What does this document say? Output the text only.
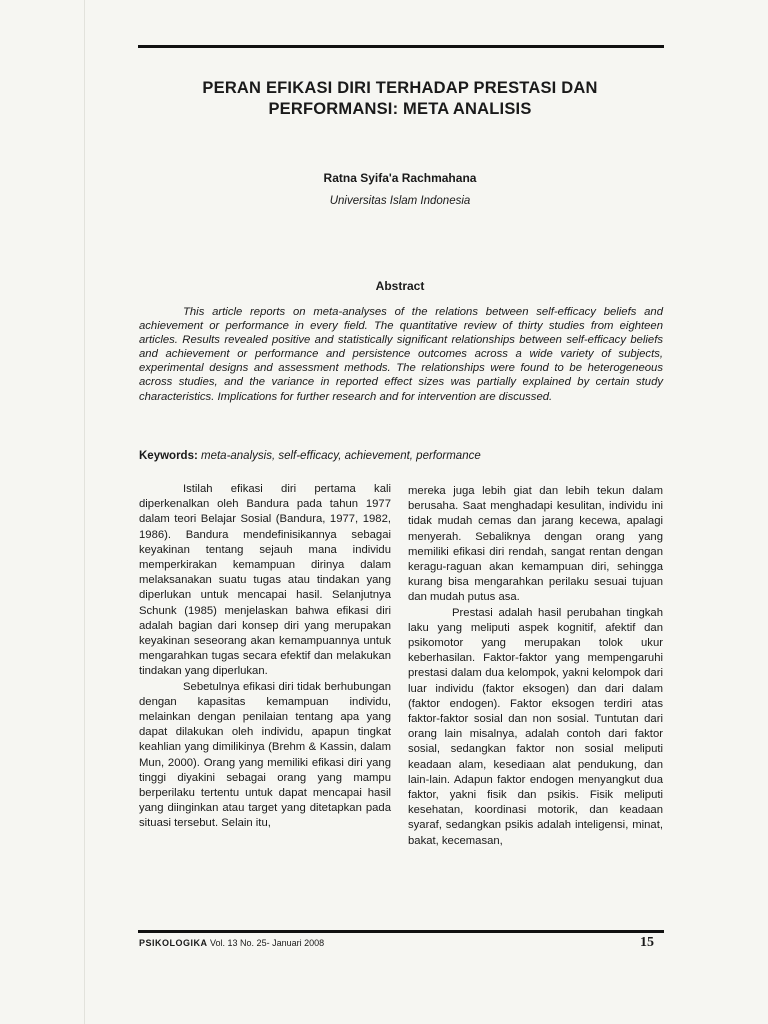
PERAN EFIKASI DIRI TERHADAP PRESTASI DAN
PERFORMANSI: META ANALISIS
Ratna Syifa'a Rachmahana
Universitas Islam Indonesia
Abstract

This article reports on meta-analyses of the relations between self-efficacy beliefs and achievement or performance in every field. The quantitative review of thirty studies from eighteen articles. Results revealed positive and statistically significant relationships between self-efficacy beliefs and achievement or performance and persistence outcomes across a wide variety of subjects, experimental designs and assessment methods. The relationships were found to be heterogeneous across studies, and the variance in reported effect sizes was partially explained by certain study characteristics. Implications for further research and for intervention are discussed.

Keywords: meta-analysis, self-efficacy, achievement, performance

Istilah efikasi diri pertama kali diperkenalkan oleh Bandura pada tahun 1977 dalam teori Belajar Sosial (Bandura, 1977, 1982, 1986). Bandura mendefinisikannya sebagai keyakinan tentang sejauh mana individu memperkirakan kemampuan dirinya dalam melaksanakan suatu tugas atau tindakan yang diperlukan untuk mencapai hasil. Selanjutnya Schunk (1985) menjelaskan bahwa efikasi diri adalah bagian dari konsep diri yang merupakan keyakinan seseorang akan kemampuannya untuk mengarahkan tugas secara efektif dan melakukan tindakan yang diperlukan.

Sebetulnya efikasi diri tidak berhubungan dengan kapasitas kemampuan individu, melainkan dengan penilaian tentang apa yang dapat dilakukan oleh individu, apapun tingkat keahlian yang dimilikinya (Brehm & Kassin, dalam Mun, 2000). Orang yang memiliki efikasi diri yang tinggi diyakini sebagai orang yang mampu berperilaku tertentu untuk dapat mencapai hasil yang diinginkan atau target yang ditetapkan pada situasi tersebut. Selain itu,

mereka juga lebih giat dan lebih tekun dalam berusaha. Saat menghadapi kesulitan, individu ini tidak mudah cemas dan jarang kecewa, apalagi menyerah. Sebaliknya dengan orang yang memiliki efikasi diri rendah, sangat rentan dengan keragu-raguan akan kemampuan diri, sehingga kurang bisa mengarahkan perilaku sesuai tujuan dan mudah putus asa.

Prestasi adalah hasil perubahan tingkah laku yang meliputi aspek kognitif, afektif dan psikomotor yang merupakan tolok ukur keberhasilan. Faktor-faktor yang mempengaruhi prestasi dalam dua kelompok, yakni kelompok dari luar individu (faktor eksogen) dan dari dalam (faktor endogen). Faktor eksogen terdiri atas faktor-faktor sosial dan non sosial. Tuntutan dari orang lain misalnya, adalah contoh dari faktor sosial, sedangkan faktor non sosial meliputi keadaan alam, kesediaan alat pendukung, dan lain-lain. Adapun faktor endogen menyangkut dua faktor, yakni fisik dan psikis. Fisik meliputi kesehatan, koordinasi motorik, dan keadaan syaraf, sedangkan psikis adalah inteligensi, minat, bakat, kecemasan,

PSIKOLOGIKA Vol. 13 No. 25- Januari 2008	15
